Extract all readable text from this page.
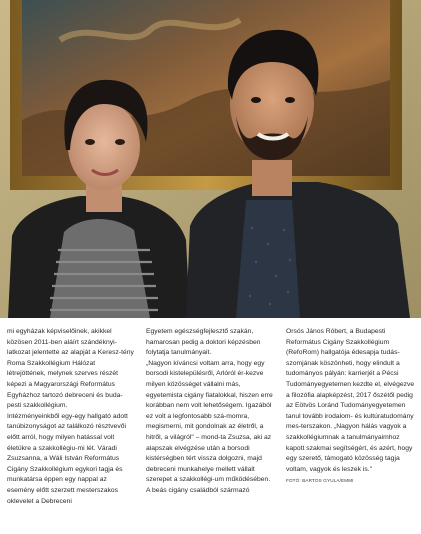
mi egyházak képviselőinek, akikkel közösen 2011-ben aláírt szándéknyi-latkozat jelentette az alapját a Keresz-tény Roma Szakkollégium Hálózat létrejöttének, melynek szerves részét képezi a Magyarországi Református Egyházhoz tartozó debreceni és buda-pesti szakkollégium.

Intézményeinkből egy-egy hallgató adott tanúbizonyságot az találkozó résztvevői előtt arról, hogy milyen hatással volt életükre a szakkollégiu-mi lét. Váradi Zsuzsanna, a Wáli István Református Cigány Szakkollégium egykori tagja és munkatársa éppen egy nappal az esemény előtt szerzett mesterszakos oklevelet a Debreceni

Egyetem egészségfejlesztő szakán, hamarosan pedig a doktori képzésben folytatja tanulmányait.

„Nagyon kíváncsi voltam arra, hogy egy borsodi kistelepülésről, Arlóról ér-kezve milyen közösséget vállalni más, egyetemista cigány fiatalokkal, hiszen erre korábban nem volt lehetőségem. Igazából ez volt a legfontosabb szá-momra, megismerni, mit gondolnak az életről, a hitről, a világról" – mond-ta Zsuzsa, aki az alapszak elvégzése után a borsodi kistérségben tért vissza dolgozni, majd debreceni munkahelye mellett vállalt szerepet a szakkollégi-um működésében.

A beás cigány családból származó

Orsós János Róbert, a Budapesti Református Cigány Szakkollégium (RefoRom) hallgatója édesapja tudás-szomjának köszönheti, hogy elindult a tudományos pályán: karrierjét a Pécsi Tudományegyetemen kezdte el, elvégezve a filozófia alapképzést, 2017 őszétől pedig az Eötvös Loránd Tudományegyetemen tanul tovább irodalom- és kultúratudomány mes-terszakon. „Nagyon hálás vagyok a szakkollégiumnak a tanulmányaimhoz kapott szakmai segítségért, és azért, hogy egy szerető, támogató közösség tagja voltam, vagyok és leszek is."

FOTÓ: BARTOS GYULA/EMMI
